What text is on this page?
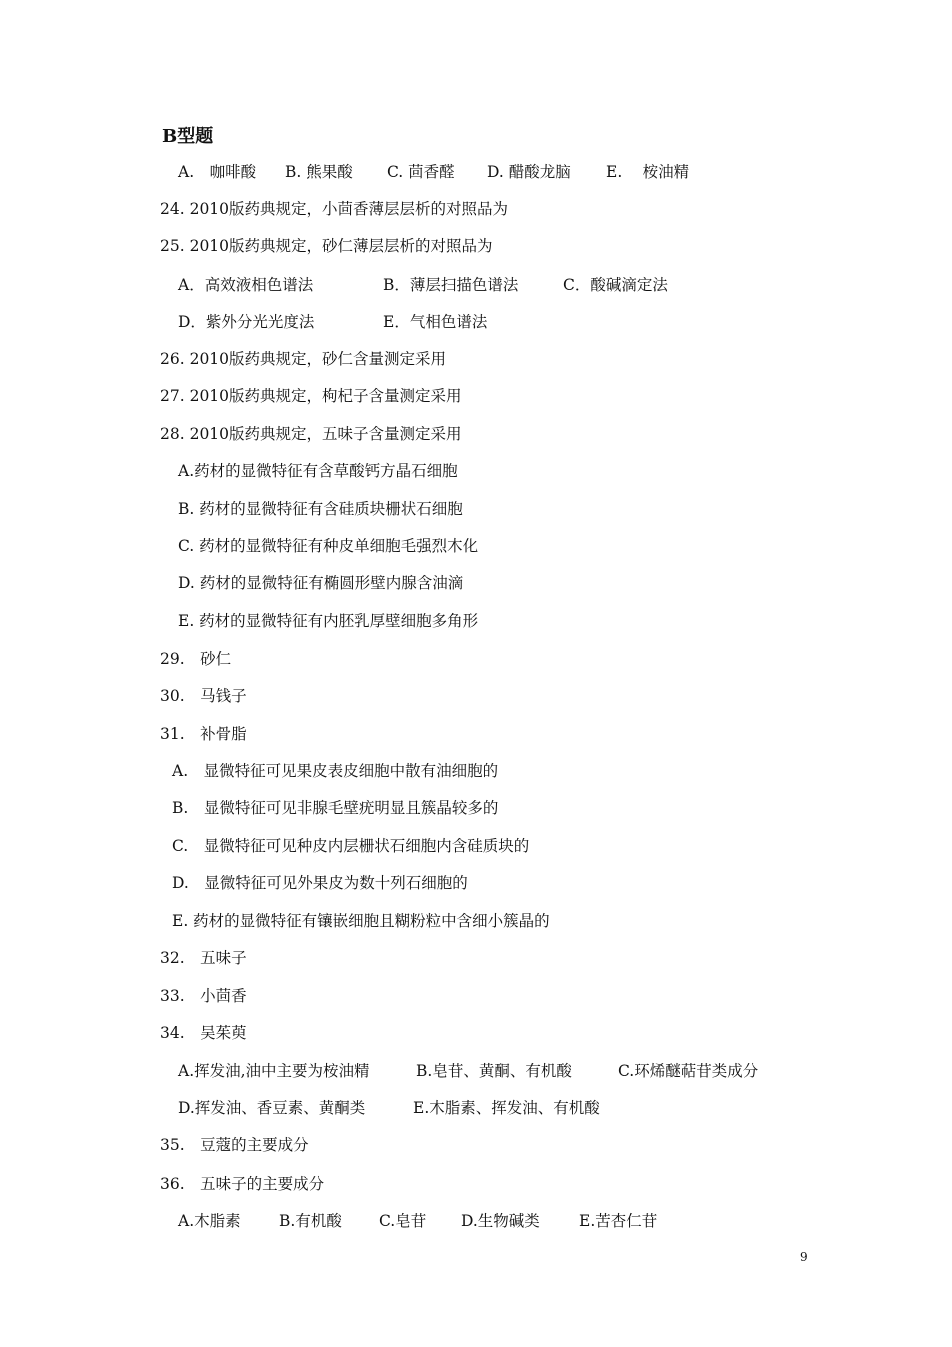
B型题
A.　咖啡酸 B. 熊果酸 C. 茴香醛 D. 醋酸龙脑 E.　 桉油精
24. 2010版药典规定，小茴香薄层层析的对照品为
25. 2010版药典规定，砂仁薄层层析的对照品为
A．高效液相色谱法	B．薄层扫描色谱法	C．酸碱滴定法
D．紫外分光光度法	E．气相色谱法
26. 2010版药典规定，砂仁含量测定采用
27. 2010版药典规定，枸杞子含量测定采用
28. 2010版药典规定，五味子含量测定采用
A.药材的显微特征有含草酸钙方晶石细胞
B. 药材的显微特征有含硅质块栅状石细胞
C. 药材的显微特征有种皮单细胞毛强烈木化
D. 药材的显微特征有椭圆形壁内腺含油滴
E. 药材的显微特征有内胚乳厚壁细胞多角形
29.　砂仁
30.　马钱子
31.　补骨脂
A.　显微特征可见果皮表皮细胞中散有油细胞的
B.　显微特征可见非腺毛壁疣明显且簇晶较多的
C.　显微特征可见种皮内层栅状石细胞内含硅质块的
D.　显微特征可见外果皮为数十列石细胞的
E. 药材的显微特征有镶嵌细胞且糊粉粒中含细小簇晶的
32.　五味子
33.　小茴香
34.　吴茱萸
A.挥发油,油中主要为桉油精	B.皂苷、黄酮、有机酸	C.环烯醚萜苷类成分
D.挥发油、香豆素、黄酮类	E.木脂素、挥发油、有机酸
35.　豆蔻的主要成分
36.　五味子的主要成分
A.木脂素 B.有机酸 C.皂苷 D.生物碱类	E.苦杏仁苷
9
